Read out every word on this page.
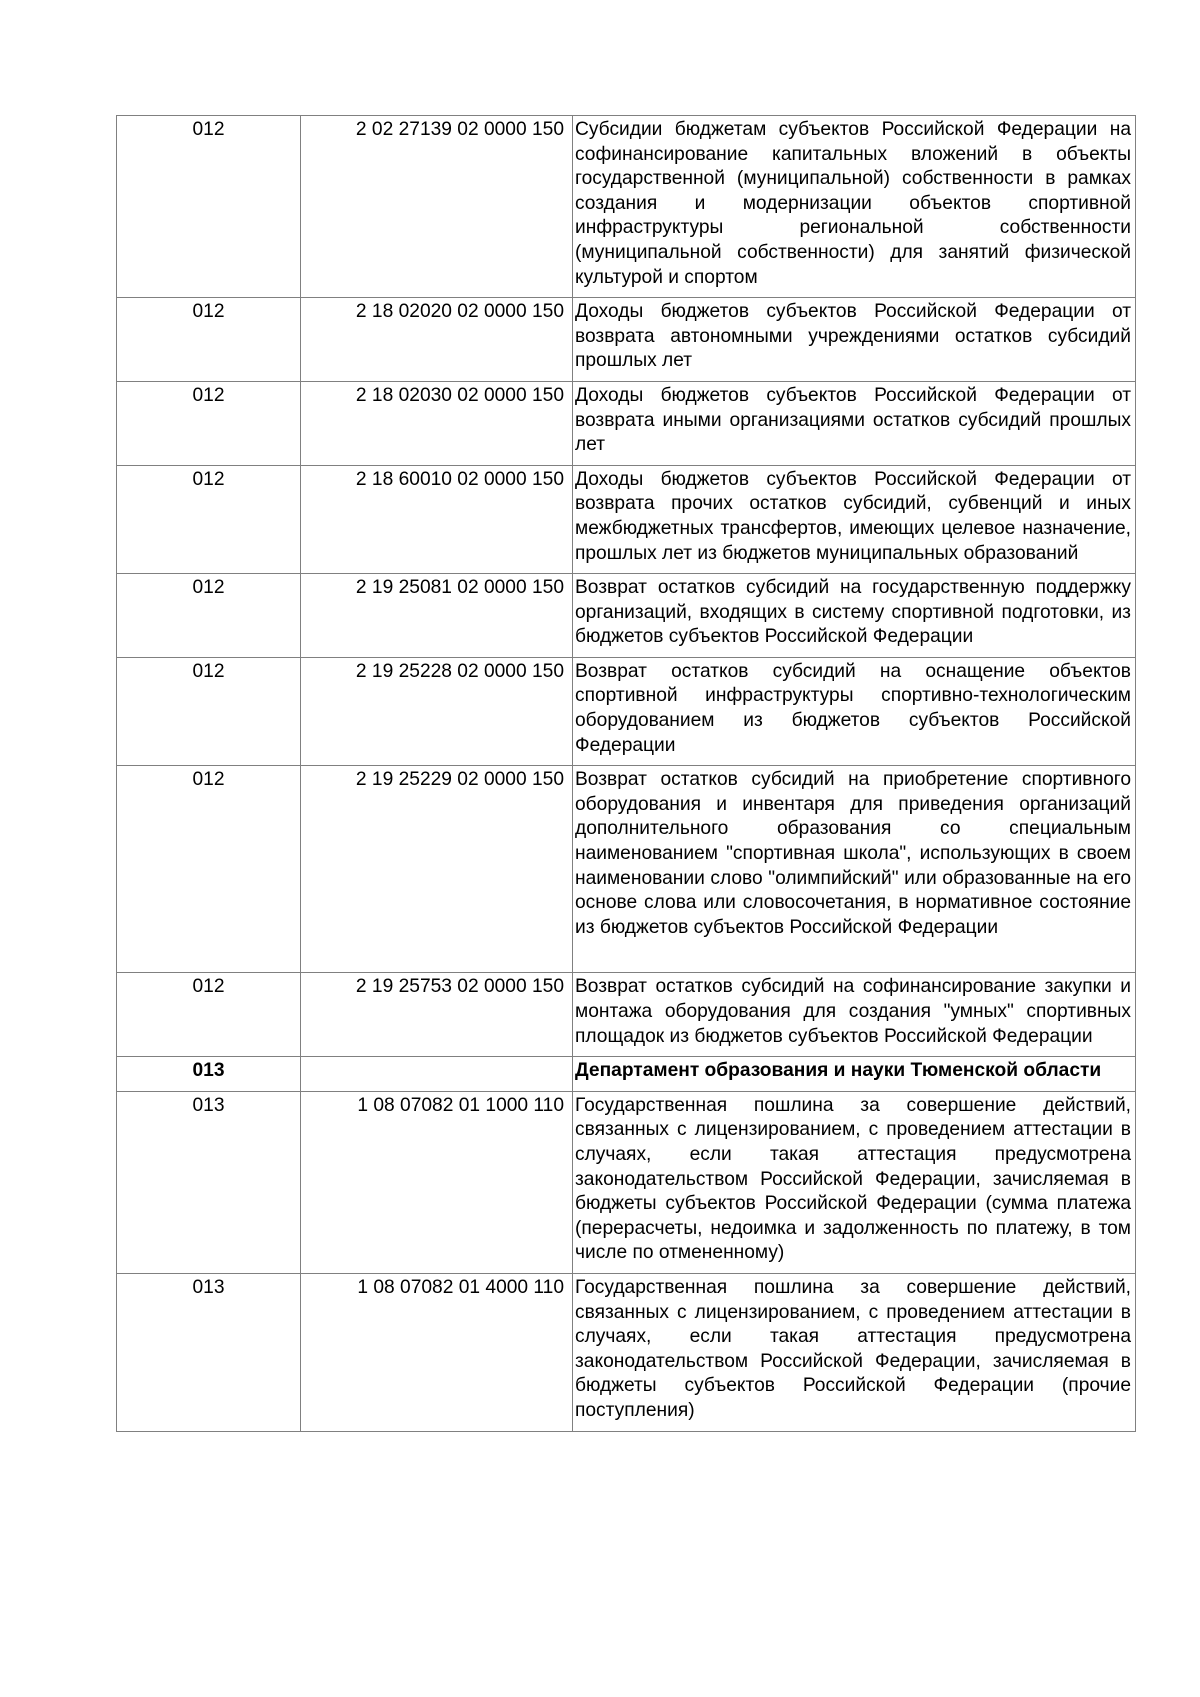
012	2 02 27139 02 0000 150	Субсидии бюджетам субъектов Российской Федерации на софинансирование капитальных вложений в объекты государственной (муниципальной) собственности в рамках создания и модернизации объектов спортивной инфраструктуры региональной собственности (муниципальной собственности) для занятий физической культурой и спортом
012	2 18 02020 02 0000 150	Доходы бюджетов субъектов Российской Федерации от возврата автономными учреждениями остатков субсидий прошлых лет
012	2 18 02030 02 0000 150	Доходы бюджетов субъектов Российской Федерации от возврата иными организациями остатков субсидий прошлых лет
012	2 18 60010 02 0000 150	Доходы бюджетов субъектов Российской Федерации от возврата прочих остатков субсидий, субвенций и иных межбюджетных трансфертов, имеющих целевое назначение, прошлых лет из бюджетов муниципальных образований
012	2 19 25081 02 0000 150	Возврат остатков субсидий на государственную поддержку организаций, входящих в систему спортивной подготовки, из бюджетов субъектов Российской Федерации
012	2 19 25228 02 0000 150	Возврат остатков субсидий на оснащение объектов спортивной инфраструктуры спортивно-технологическим оборудованием из бюджетов субъектов Российской Федерации
012	2 19 25229 02 0000 150	Возврат остатков субсидий на приобретение спортивного оборудования и инвентаря для приведения организаций дополнительного образования со специальным наименованием "спортивная школа", использующих в своем наименовании слово "олимпийский" или образованные на его основе слова или словосочетания, в нормативное состояние из бюджетов субъектов Российской Федерации
012	2 19 25753 02 0000 150	Возврат остатков субсидий на софинансирование закупки и монтажа оборудования для создания "умных" спортивных площадок из бюджетов субъектов Российской Федерации
013		Департамент образования и науки Тюменской области
013	1 08 07082 01 1000 110	Государственная пошлина за совершение действий, связанных с лицензированием, с проведением аттестации в случаях, если такая аттестация предусмотрена законодательством Российской Федерации, зачисляемая в бюджеты субъектов Российской Федерации (сумма платежа (перерасчеты, недоимка и задолженность по платежу, в том числе по отмененному)
013	1 08 07082 01 4000 110	Государственная пошлина за совершение действий, связанных с лицензированием, с проведением аттестации в случаях, если такая аттестация предусмотрена законодательством Российской Федерации, зачисляемая в бюджеты субъектов Российской Федерации (прочие поступления)
